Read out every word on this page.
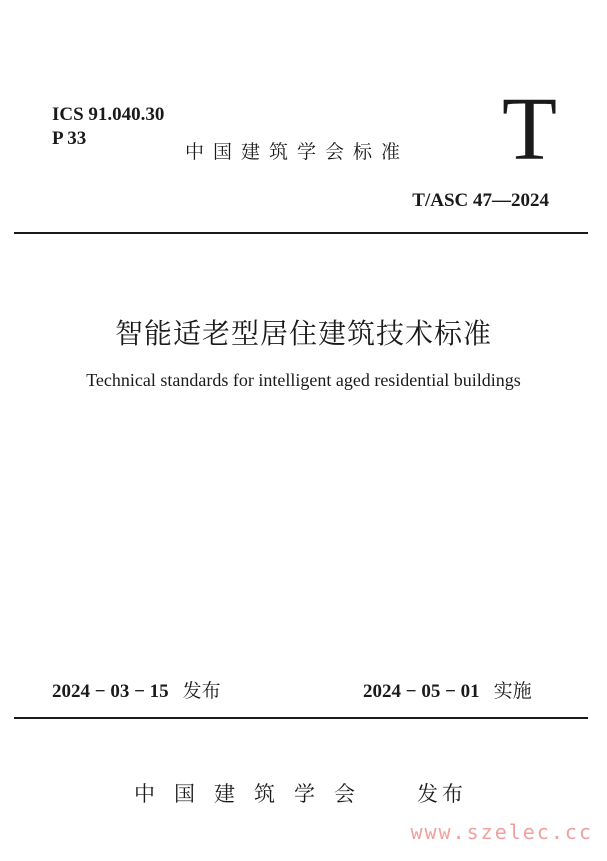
ICS 91.040.30
P 33
中国建筑学会标准 T
T/ASC 47—2024
智能适老型居住建筑技术标准
Technical standards for intelligent aged residential buildings
2024 − 03 − 15 发布	2024 − 05 − 01 实施
中国建筑学会 发布
www.szelec.cc
